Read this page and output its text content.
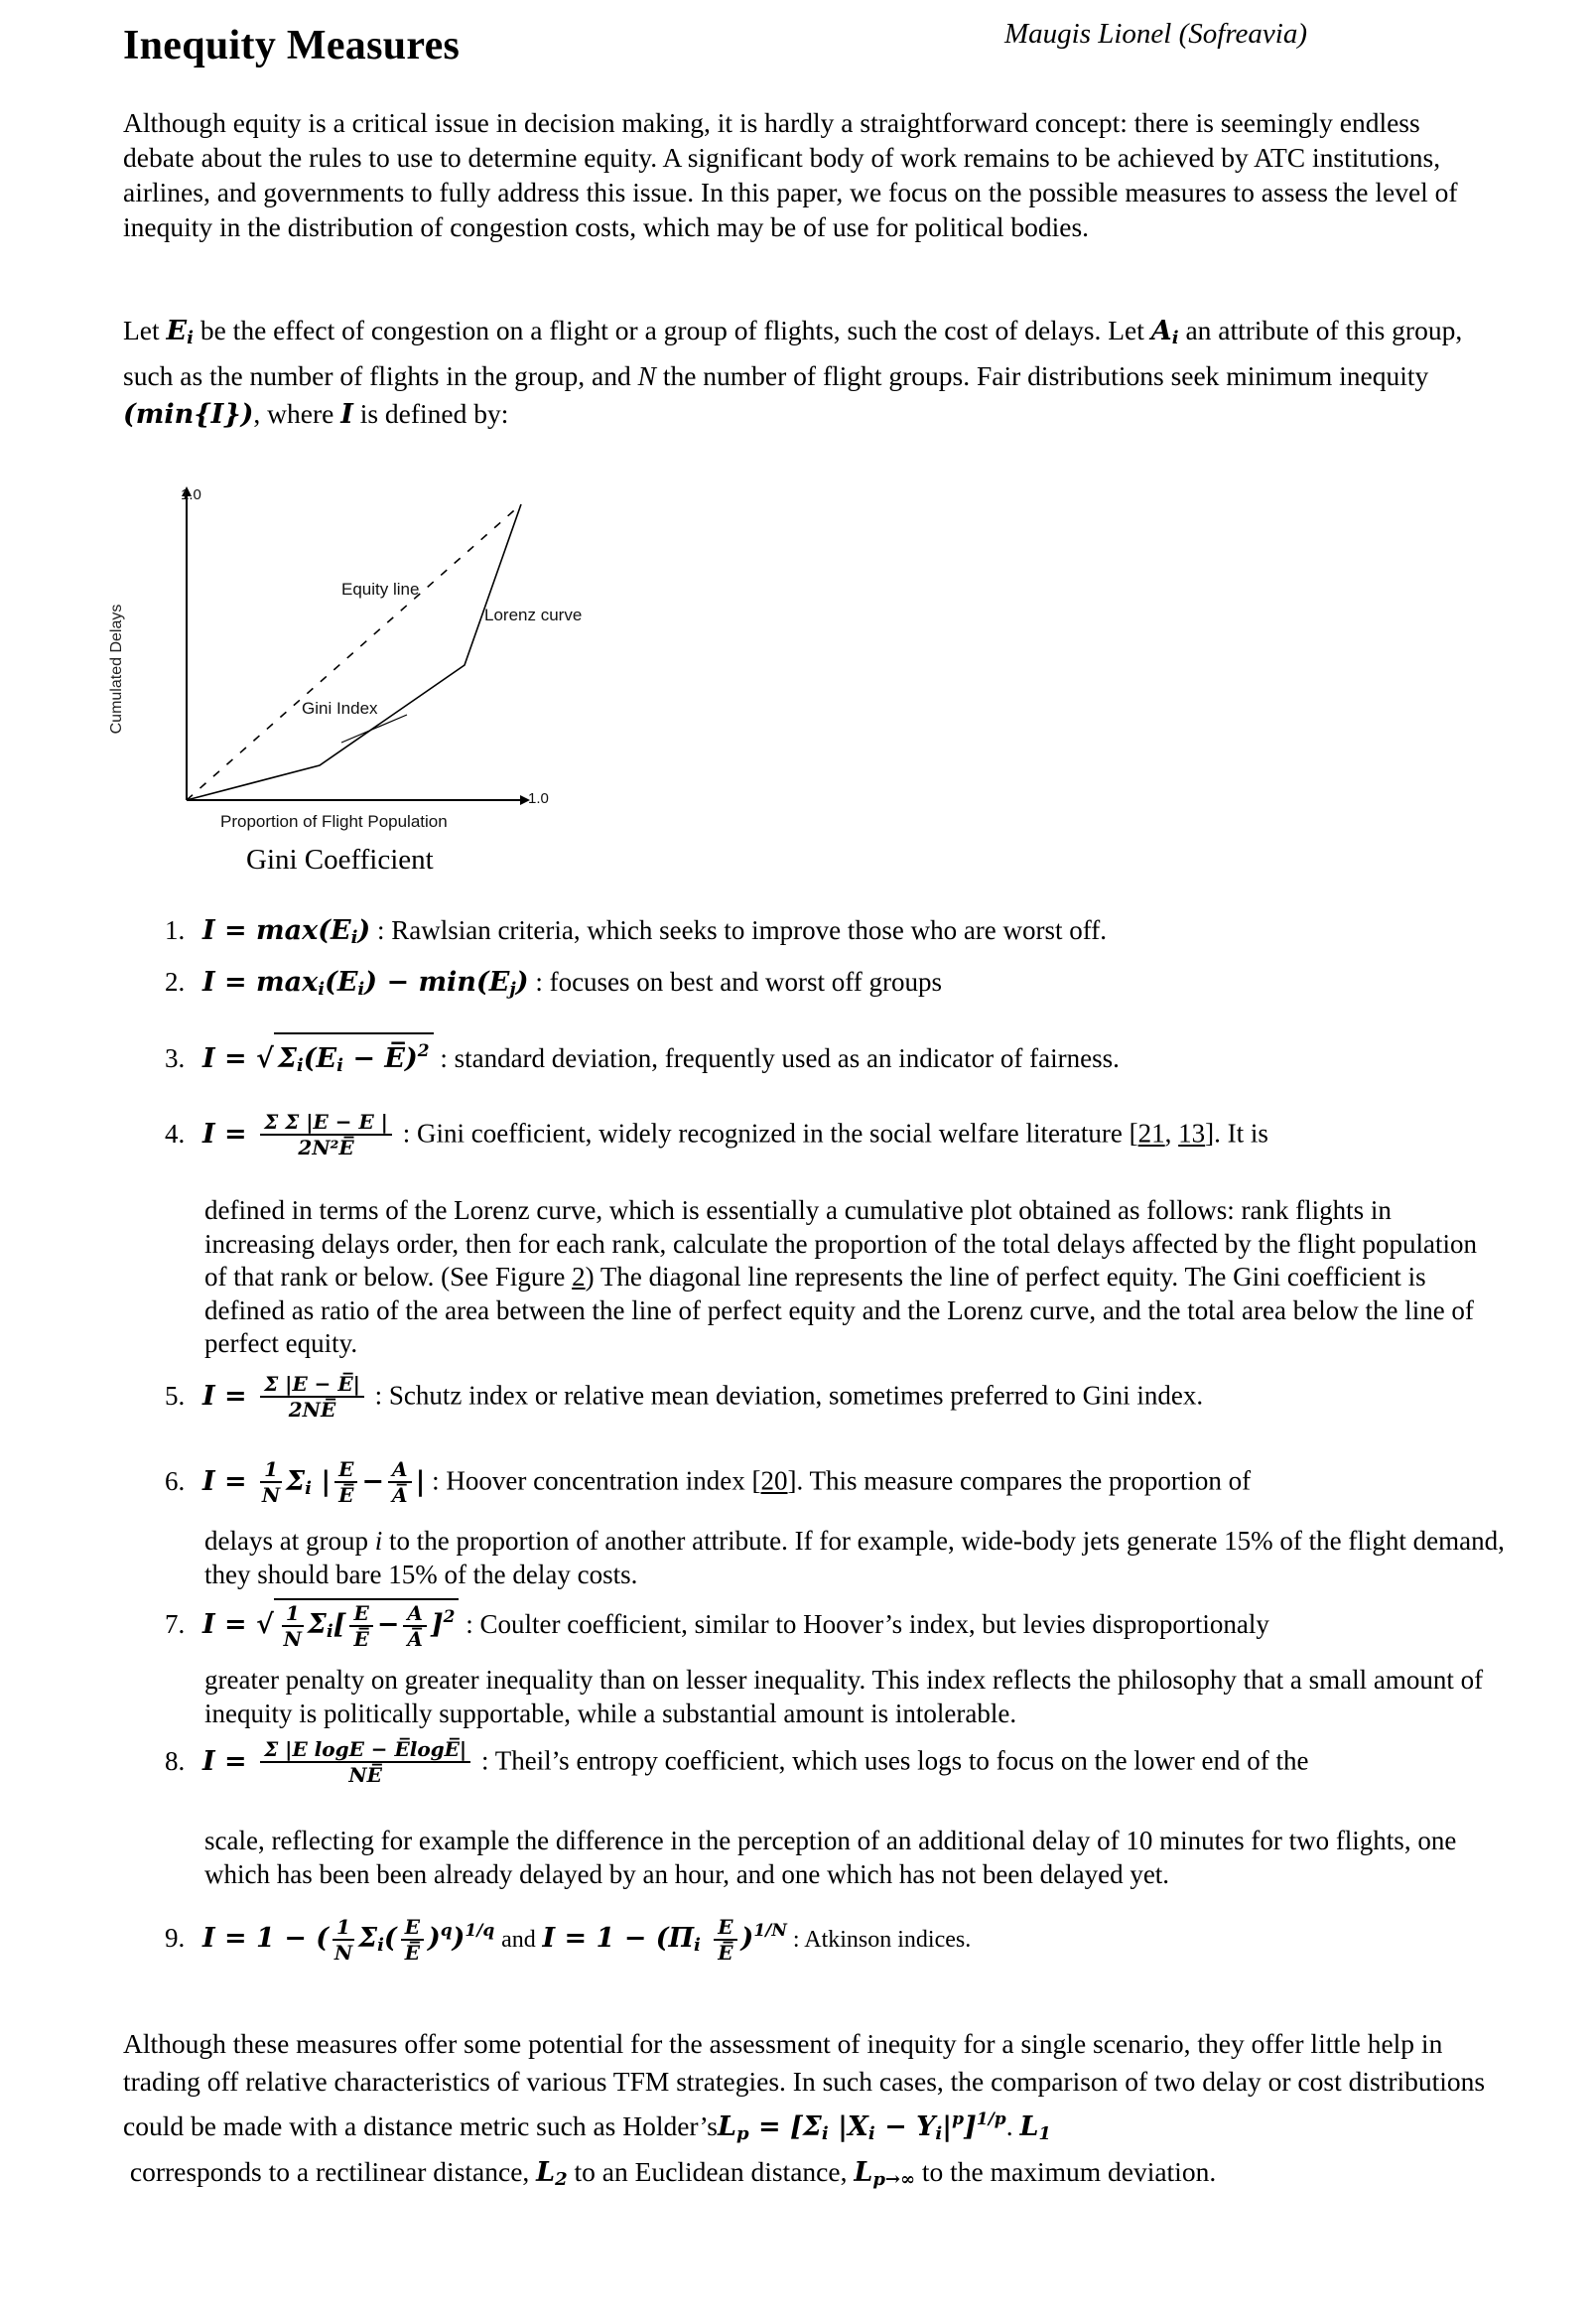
Inequity Measures	Maugis Lionel (Sofreavia)
Although equity is a critical issue in decision making, it is hardly a straightforward concept: there is seemingly endless debate about the rules to use to determine equity. A significant body of work remains to be achieved by ATC institutions, airlines, and governments to fully address this issue. In this paper, we focus on the possible measures to assess the level of inequity in the distribution of congestion costs, which may be of use for political bodies.
Let $E_i$ be the effect of congestion on a flight or a group of flights, such the cost of delays. Let $A_i$ an attribute of this group, such as the number of flights in the group, and N the number of flight groups. Fair distributions seek minimum inequity (min{I}), where I is defined by:
1.0
1.0
Equity line
Lorenz curve
Gini Index
Cumulated Delays
Proportion of Flight Population
Gini Coefficient
1. $I = \max(E_i)$ : Rawlsian criteria, which seeks to improve those who are worst off.
2. $I = \max_i(E_i) - \min(E_j)$ : focuses on best and worst off groups
3. I = √ $\Sigma_i(E_i$ − E̅)$^2$ : standard deviation, frequently used as an indicator of fairness.
4. $I = \frac{\text{Σ Σ |E − E |}}{\text{2N²E̅}}$ : Gini coefficient, widely recognized in the social welfare literature [21, 13]. It is
defined in terms of the Lorenz curve, which is essentially a cumulative plot obtained as follows: rank flights in increasing delays order, then for each rank, calculate the proportion of the total delays affected by the flight population of that rank or below. (See Figure 2) The diagonal line represents the line of perfect equity. The Gini coefficient is defined as ratio of the area between the line of perfect equity and the Lorenz curve, and the total area below the line of perfect equity.
5. $I = \frac{\Sigma |E - E̅|}{2NE̅}$ : Schutz index or relative mean deviation, sometimes preferred to Gini index.
6. $I = \frac{1}{N} \Sigma_i$ | $\frac{E}{E̅} - \frac{A}{A̅}$ | : Hoover concentration index [20]. This measure compares the proportion of
delays at group i to the proportion of another attribute. If for example, wide-body jets generate 15% of the flight demand, they should bare 15% of the delay costs.
7. I = √ $\frac{1}{N} \Sigma_i[ \frac{E}{E̅} - \frac{A}{A̅} ]^2$ : Coulter coefficient, similar to Hoover’s index, but levies disproportionaly
greater penalty on greater inequality than on lesser inequality. This index reflects the philosophy that a small amount of inequity is politically supportable, while a substantial amount is intolerable.
8. $I = \frac{\text{Σ |E logE − E̅logE̅|}}{NE̅}$ : Theil’s entropy coefficient, which uses logs to focus on the lower end of the
scale, reflecting for example the difference in the perception of an additional delay of 10 minutes for two flights, one which has been been already delayed by an hour, and one which has not been delayed yet.
9. I = 1 − ( $\frac{1}{N} \Sigma_i( \frac{E}{E̅} )^q)^{1/q}$ and $I = 1 - (\Pi_i \frac{E}{E̅} )^{1/N}$ : Atkinson indices.
Although these measures offer some potential for the assessment of inequity for a single scenario, they offer little help in trading off relative characteristics of various TFM strategies. In such cases, the comparison of two delay or cost distributions could be made with a distance metric such as $Holder’sL_p = [\Sigma_i$ $|X_i - Y_i|^p]^{1/p}$. $L_1$
corresponds to a rectilinear distance, $L_2$ to an Euclidean distance, $L_{p\to\infty}$ to the maximum deviation.
